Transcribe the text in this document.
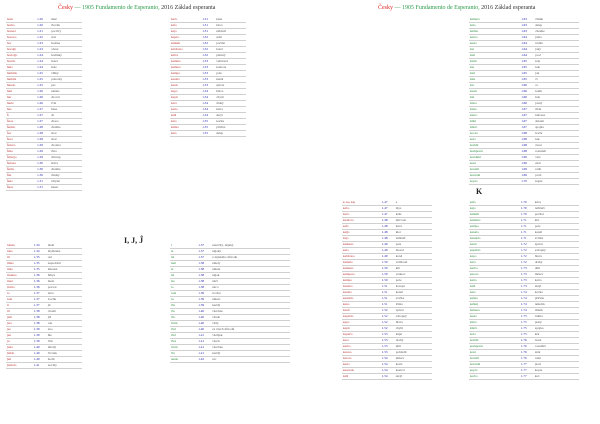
Česky — 1905 Fundamento de Esperanto, 2016 Základ esperanta
hom	1.20	muž
homo	1.20	člověk
honest	1.21	poctivý
honoro	1.22	čest
hor	1.23	hodina
horaĝo	1.23	obzor
horloĝo	1.24	hodinky
hotelo	1.24	hotel
hulo	1.24	hole
humida	1.25	vlhký
humila	1.25	pokorný
hundo	1.25	pes
huri	1.26	nahlas
hur	1.26	chovat
hurle	1.26	řvát
hus	1.27	husa
ĥ	1.27	ch
ĥaos	1.27	chaos
ĥemio	1.28	chemie
ĥor	1.28	sbor
ĥoro	1.28	sboř
ĥolero	1.29	cholera
ĥina	1.29	čína
ĥirurgo	1.29	chirurg
ĥelona	1.30	želva
ĥemo	1.30	chemie
ĥin	1.30	čínský
ĥulo	1.31	tchýně
ĥusa	1.31	husar
idealo	1.34	ideál
ideo	1.34	myšlenka
ili	1.35	oni
imito	1.35	napodobit
inko	1.35	inkoust
insekto	1.36	hmyz
inter	1.36	mezi
invito	1.36	pozvat
io	1.37	něco
iom	1.37	trochu
ir	1.37	jít
iri	1.38	chodit
jam	1.38	již
jaro	1.38	rok
jes	1.39	ano
jen	1.39	hle
ju	1.39	čím
juna	1.40	mladý
ĵaŭdo	1.40	čtvrtek
ĵeti	1.40	hodit
ĵurnalo	1.41	noviny
I, J, Ĵ
kaĉo	1.31	kaše
kafo	1.31	káva
kajo	1.31	nábřeží
kajero	1.32	sešit
kalkuli	1.32	počítat
kaldrono	1.32	kotel
kalva	1.32	plešatý
kamelo	1.33	velbloud
kamero	1.33	komora
kampo	1.33	pole
kanalo	1.33	kanál
kanti	1.33	zpívat
kapo	1.34	hlava
kapti	1.34	chytit
kara	1.34	drahý
karto	1.34	karta
kaŝi	1.34	skrýt
kato	1.35	kočka
kaŭzo	1.35	příčina
kelo	1.35	sklep
i	1.37	neurčitý, nějaký
ia	1.37	nějaký
ial	1.37	z nějakého důvodu
iam	1.38	někdy
ie	1.38	někde
iel	1.38	nějak
ies	1.38	něčí
io	1.38	něco
iom	1.39	trochu
iu	1.39	někdo
ĉiu	1.39	každý
ĉio	1.40	všechno
ĉie	1.40	všude
ĉiam	1.40	vždy
ĉial	1.40	ze všech důvodů
ĉiel	1.41	všelijak
ĉies	1.41	všech
ĉiom	1.41	všechno
ĉia	1.41	každý
nenio	1.42	nic
Česky — 1905 Fundamento de Esperanto, 2016 Základ esperanta
k, ke, kaj	1.47	a
kabo	1.47	mys
kaĉo	1.47	kaše
kadavro	1.48	mrtvola
kafo	1.48	káva
kaĝo	1.48	klec
kajo	1.48	nábřeží
kalkano	1.49	pata
kalo	1.49	mozol
kaldrono	1.49	kotel
kamelo	1.50	velbloud
kameno	1.50	krb
kamparo	1.50	venkov
kampo	1.50	pole
kanabo	1.51	konopí
kanalo	1.51	kanál
kandelo	1.51	svíčka
kano	1.51	třtina
kanti	1.52	zpívat
kapablo	1.52	schopný
kapo	1.52	hlava
kapti	1.52	chytit
kapuĉo	1.53	kápě
kara	1.53	drahý
karbo	1.53	uhlí
kareso	1.53	pohladit
karoto	1.54	mrkev
karto	1.54	karta
kaserolo	1.54	kastrol
kaŝi	1.54	skrýt
K
kelnero	1.63	číšník
kelo	1.63	sklep
kemio	1.63	chemie
kerno	1.64	jádro
kesto	1.64	truhla
kia	1.64	jaký
kial	1.64	proč
kiam	1.65	kdy
kie	1.65	kde
kiel	1.65	jak
kies	1.65	čí
kio	1.66	co
kiom	1.66	kolik
kiu	1.66	kdo
klara	1.66	jasný
klaso	1.67	třída
klavo	1.67	klávesa
klini	1.67	sklonit
kluĉo	1.67	spojka
kocxo	1.68	kočár
kolo	1.68	krk
kombi	1.68	česat
kompreni	1.68	rozumět
konduki	1.69	vést
koni	1.69	znát
konsili	1.69	radit
kontraŭ	1.69	proti
kopio	1.70	kopie
kafo	1.70	káva
kajo	1.70	nábřeží
kalkuli	1.70	počítat
kameno	1.71	krb
kampo	1.71	pole
kanalo	1.71	kanál
kandelo	1.71	svíčka
kanti	1.72	zpívat
kapablo	1.72	schopný
kapo	1.72	hlava
kara	1.72	drahý
karbo	1.73	uhlí
karoto	1.73	mrkev
karto	1.73	karta
kaŝi	1.73	skrýt
kato	1.74	kočka
kaŭzo	1.74	příčina
kelkaj	1.74	několik
kelnero	1.74	číšník
kesto	1.75	truhla
klara	1.75	jasný
kluĉo	1.75	spojka
kolo	1.75	krk
kombi	1.76	česat
kompreni	1.76	rozumět
koni	1.76	znát
konsili	1.76	radit
kontraŭ	1.77	proti
kopio	1.77	kopie
korbo	1.77	koš
